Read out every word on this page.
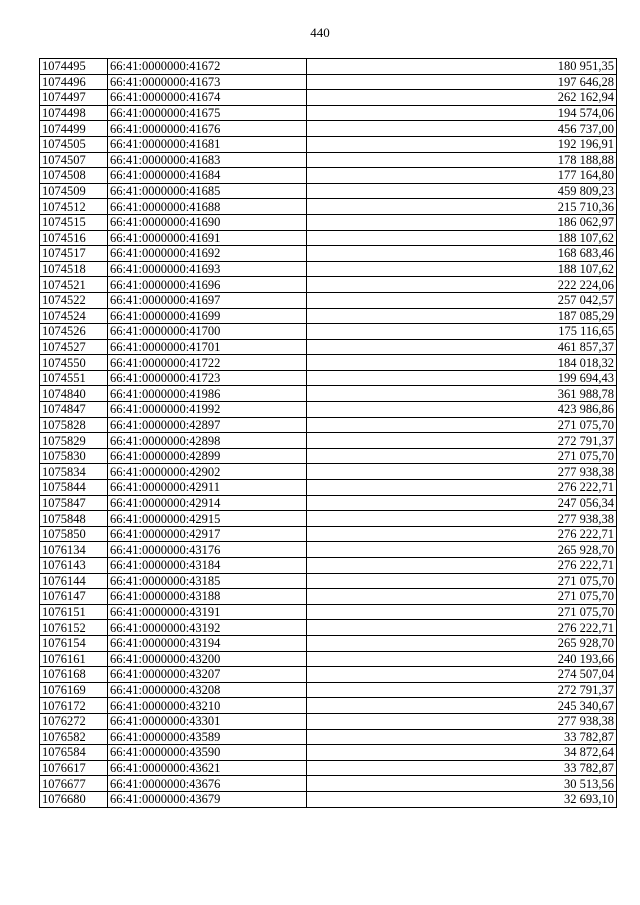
440
1074495	66:41:0000000:41672	180 951,35
1074496	66:41:0000000:41673	197 646,28
1074497	66:41:0000000:41674	262 162,94
1074498	66:41:0000000:41675	194 574,06
1074499	66:41:0000000:41676	456 737,00
1074505	66:41:0000000:41681	192 196,91
1074507	66:41:0000000:41683	178 188,88
1074508	66:41:0000000:41684	177 164,80
1074509	66:41:0000000:41685	459 809,23
1074512	66:41:0000000:41688	215 710,36
1074515	66:41:0000000:41690	186 062,97
1074516	66:41:0000000:41691	188 107,62
1074517	66:41:0000000:41692	168 683,46
1074518	66:41:0000000:41693	188 107,62
1074521	66:41:0000000:41696	222 224,06
1074522	66:41:0000000:41697	257 042,57
1074524	66:41:0000000:41699	187 085,29
1074526	66:41:0000000:41700	175 116,65
1074527	66:41:0000000:41701	461 857,37
1074550	66:41:0000000:41722	184 018,32
1074551	66:41:0000000:41723	199 694,43
1074840	66:41:0000000:41986	361 988,78
1074847	66:41:0000000:41992	423 986,86
1075828	66:41:0000000:42897	271 075,70
1075829	66:41:0000000:42898	272 791,37
1075830	66:41:0000000:42899	271 075,70
1075834	66:41:0000000:42902	277 938,38
1075844	66:41:0000000:42911	276 222,71
1075847	66:41:0000000:42914	247 056,34
1075848	66:41:0000000:42915	277 938,38
1075850	66:41:0000000:42917	276 222,71
1076134	66:41:0000000:43176	265 928,70
1076143	66:41:0000000:43184	276 222,71
1076144	66:41:0000000:43185	271 075,70
1076147	66:41:0000000:43188	271 075,70
1076151	66:41:0000000:43191	271 075,70
1076152	66:41:0000000:43192	276 222,71
1076154	66:41:0000000:43194	265 928,70
1076161	66:41:0000000:43200	240 193,66
1076168	66:41:0000000:43207	274 507,04
1076169	66:41:0000000:43208	272 791,37
1076172	66:41:0000000:43210	245 340,67
1076272	66:41:0000000:43301	277 938,38
1076582	66:41:0000000:43589	33 782,87
1076584	66:41:0000000:43590	34 872,64
1076617	66:41:0000000:43621	33 782,87
1076677	66:41:0000000:43676	30 513,56
1076680	66:41:0000000:43679	32 693,10
